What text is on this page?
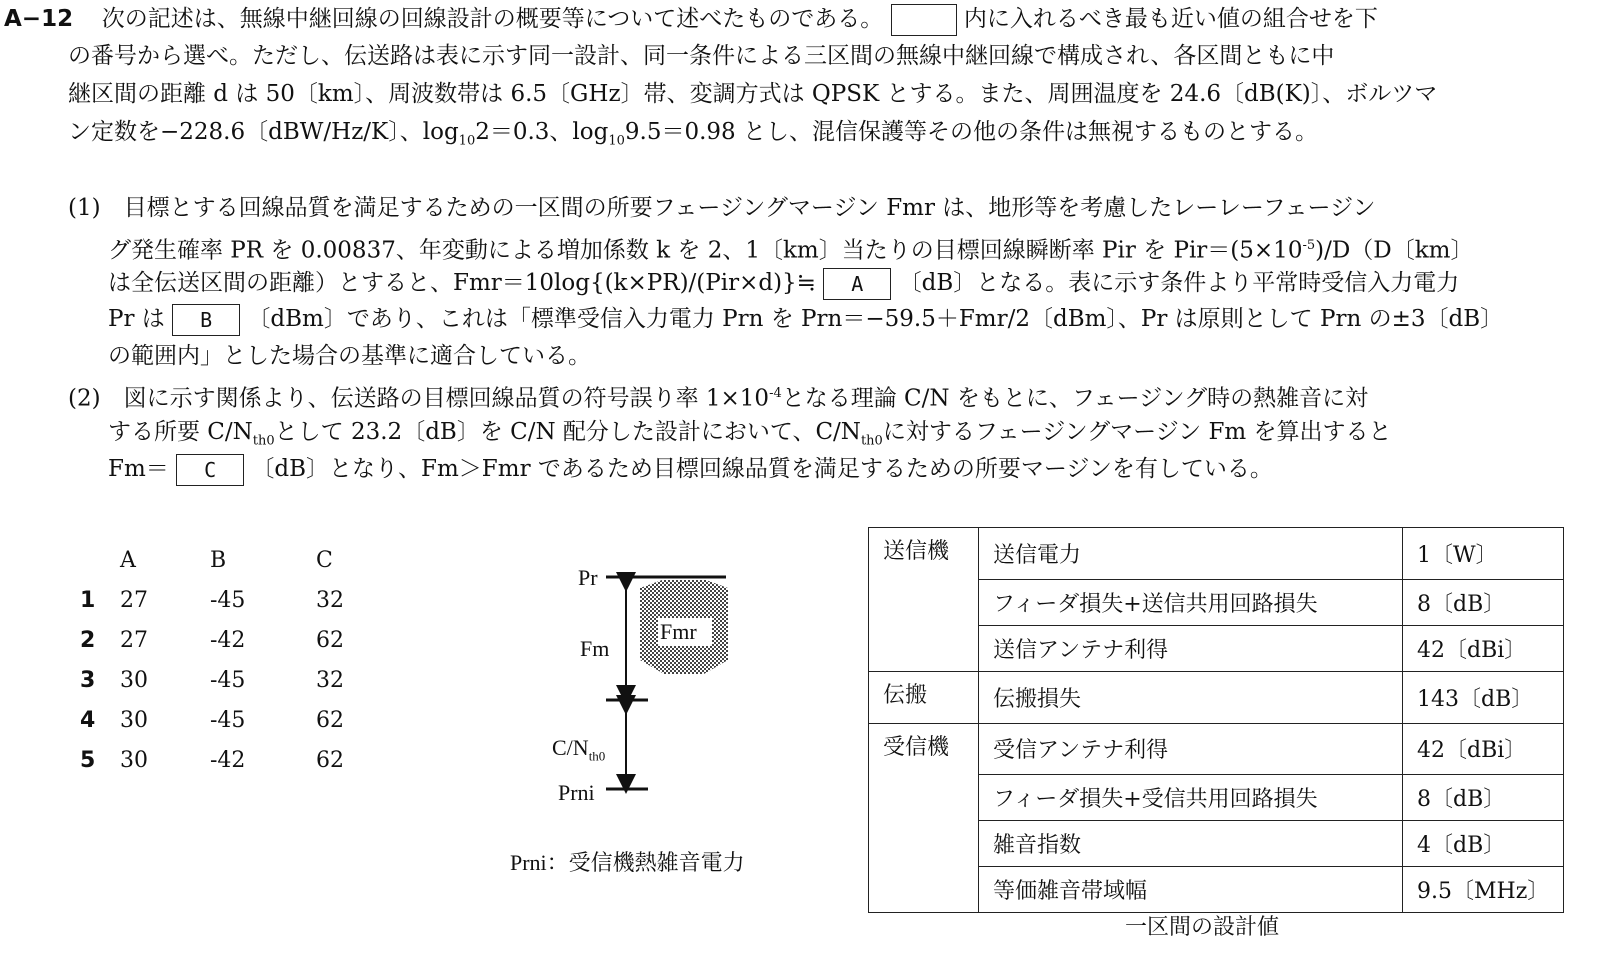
A−12 次の記述は、無線中継回線の回線設計の概要等について述べたものである。	内に入れるべき最も近い値の組合せを下
の番号から選べ。ただし、伝送路は表に示す同一設計、同一条件による三区間の無線中継回線で構成され、各区間ともに中
継区間の距離 d は 50〔km〕、周波数帯は 6.5〔GHz〕帯、変調方式は QPSK とする。また、周囲温度を 24.6〔dB(K)〕、ボルツマ
ン定数を−228.6〔dBW/Hz/K〕、$\log_{10}2=0.3$、$\log_{10}9.5=0.98$ とし、混信保護等その他の条件は無視するものとする。
(1)　目標とする回線品質を満足するための一区間の所要フェージングマージン Fmr は、地形等を考慮したレーレーフェージン
グ発生確率 PR を 0.00837、年変動による増加係数 k を 2、1〔km〕当たりの目標回線瞬断率 Pir を $Pir=(5\times 10^{-5})/D(D$〔km〕
は全伝送区間の距離）とすると、Fmr＝10log{(k×PR)/(Pir×d)}≒ A 〔dB〕となる。表に示す条件より平常時受信入力電力
Pr は B 〔dBm〕であり、これは「標準受信入力電力 Prn を Prn＝−59.5＋Fmr/2〔dBm〕、Pr は原則として Prn の±3〔dB〕
の範囲内」とした場合の基準に適合している。
(2)　図に示す関係より、伝送路の目標回線品質の符号誤り率 $1\times 10^{-4}$となる理論 C/N をもとに、フェージング時の熱雑音に対
する所要 $C/N_{th0}$として 23.2〔dB〕を C/N 配分した設計において、$C/N_{th0}$に対するフェージングマージン Fm を算出すると
Fm＝ C 〔dB〕となり、Fm＞Fmr であるため目標回線品質を満足するための所要マージンを有している。
A	B	C
1 27	-45	32
2 27	-42	62
3 30	-45	32
4 30	-45	62
5 30	-42	62
Pr
Fm
Fmr
$C/N_{th0}$
Prni
Prni：受信機熱雑音電力
送信機	送信電力	1〔W〕
	フィーダ損失+送信共用回路損失	8〔dB〕
	送信アンテナ利得	42〔dBi〕
伝搬	伝搬損失	143〔dB〕
受信機	受信アンテナ利得	42〔dBi〕
	フィーダ損失+受信共用回路損失	8〔dB〕
	雑音指数	4〔dB〕
	等価雑音帯域幅	9.5〔MHz〕
一区間の設計値
